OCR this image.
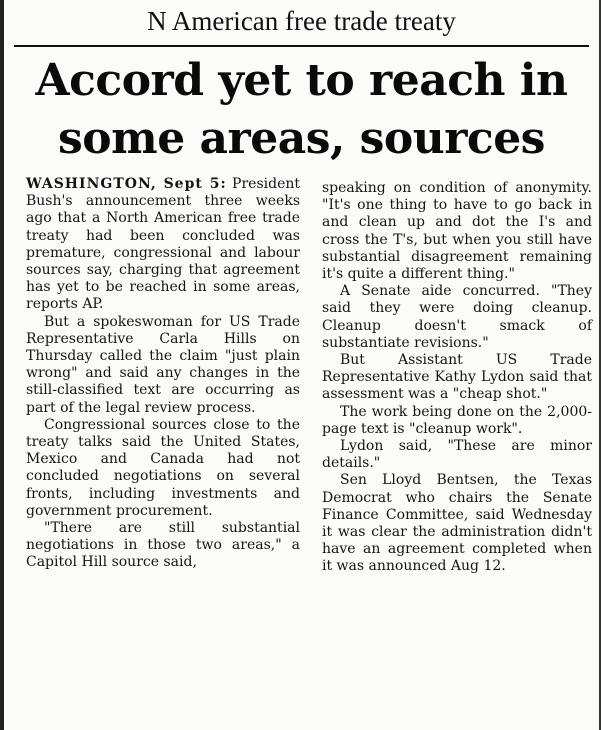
N American free trade treaty
Accord yet to reach in
some areas, sources

WASHINGTON, Sept 5: President Bush's announcement three weeks ago that a North American free trade treaty had been concluded was premature, congressional and labour sources say, charging that agreement has yet to be reached in some areas, reports AP.

But a spokeswoman for US Trade Representative Carla Hills on Thursday called the claim "just plain wrong" and said any changes in the still-classified text are occurring as part of the legal review process.

Congressional sources close to the treaty talks said the United States, Mexico and Canada had not concluded negotiations on several fronts, including investments and government procurement.

"There are still substantial negotiations in those two areas," a Capitol Hill source said,

speaking on condition of anonymity. "It's one thing to have to go back in and clean up and dot the I's and cross the T's, but when you still have substantial disagreement remaining it's quite a different thing."

A Senate aide concurred. "They said they were doing cleanup. Cleanup doesn't smack of substantiate revisions."

But Assistant US Trade Representative Kathy Lydon said that assessment was a "cheap shot."

The work being done on the 2,000-page text is "cleanup work".

Lydon said, "These are minor details."

Sen Lloyd Bentsen, the Texas Democrat who chairs the Senate Finance Committee, said Wednesday it was clear the administration didn't have an agreement completed when it was announced Aug 12.
